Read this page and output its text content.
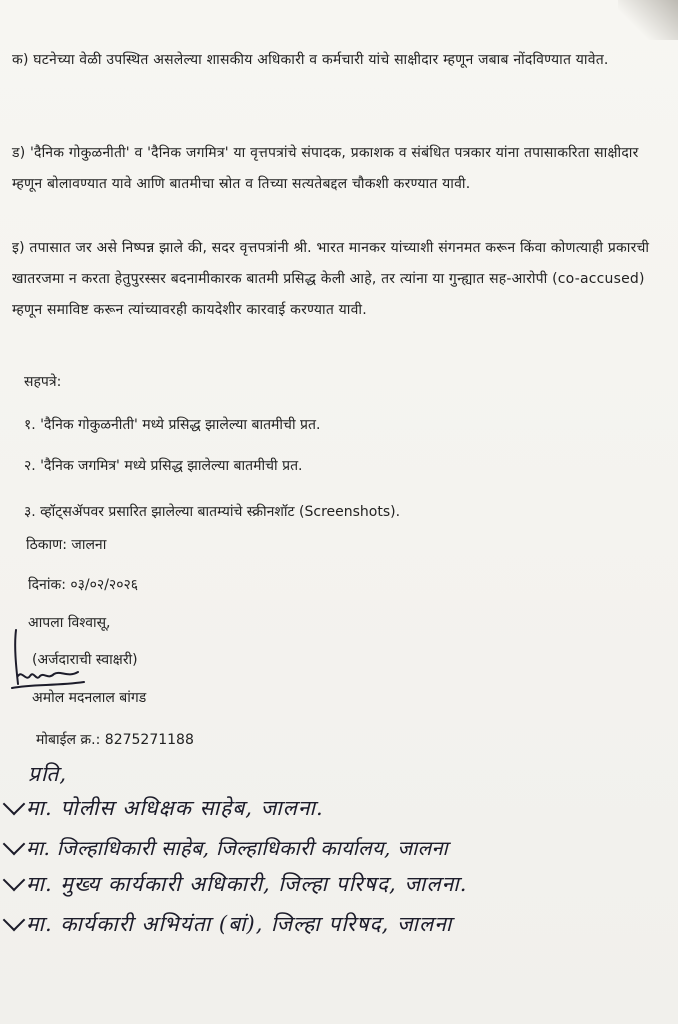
क) घटनेच्या वेळी उपस्थित असलेल्या शासकीय अधिकारी व कर्मचारी यांचे साक्षीदार म्हणून जबाब नोंदविण्यात यावेत.

ड) 'दैनिक गोकुळनीती' व 'दैनिक जगमित्र' या वृत्तपत्रांचे संपादक, प्रकाशक व संबंधित पत्रकार यांना तपासाकरिता साक्षीदार म्हणून बोलावण्यात यावे आणि बातमीचा स्रोत व तिच्या सत्यतेबद्दल चौकशी करण्यात यावी.

इ) तपासात जर असे निष्पन्न झाले की, सदर वृत्तपत्रांनी श्री. भारत मानकर यांच्याशी संगनमत करून किंवा कोणत्याही प्रकारची खातरजमा न करता हेतुपुरस्सर बदनामीकारक बातमी प्रसिद्ध केली आहे, तर त्यांना या गुन्ह्यात सह-आरोपी (co-accused) म्हणून समाविष्ट करून त्यांच्यावरही कायदेशीर कारवाई करण्यात यावी.

सहपत्रे:

१. 'दैनिक गोकुळनीती' मध्ये प्रसिद्ध झालेल्या बातमीची प्रत.

२. 'दैनिक जगमित्र' मध्ये प्रसिद्ध झालेल्या बातमीची प्रत.

३. व्हॉट्सॲपवर प्रसारित झालेल्या बातम्यांचे स्क्रीनशॉट (Screenshots).

ठिकाण: जालना

दिनांक: ०३/०२/२०२६

आपला विश्वासू,

(अर्जदाराची स्वाक्षरी)

अमोल मदनलाल बांगड

मोबाईल क्र.: 8275271188

प्रति,
मा. पोलीस अधिक्षक साहेब, जालना.
मा. जिल्हाधिकारी साहेब, जिल्हाधिकारी कार्यालय, जालना
मा. मुख्य कार्यकारी अधिकारी, जिल्हा परिषद, जालना.
मा. कार्यकारी अभियंता (बां), जिल्हा परिषद, जालना
